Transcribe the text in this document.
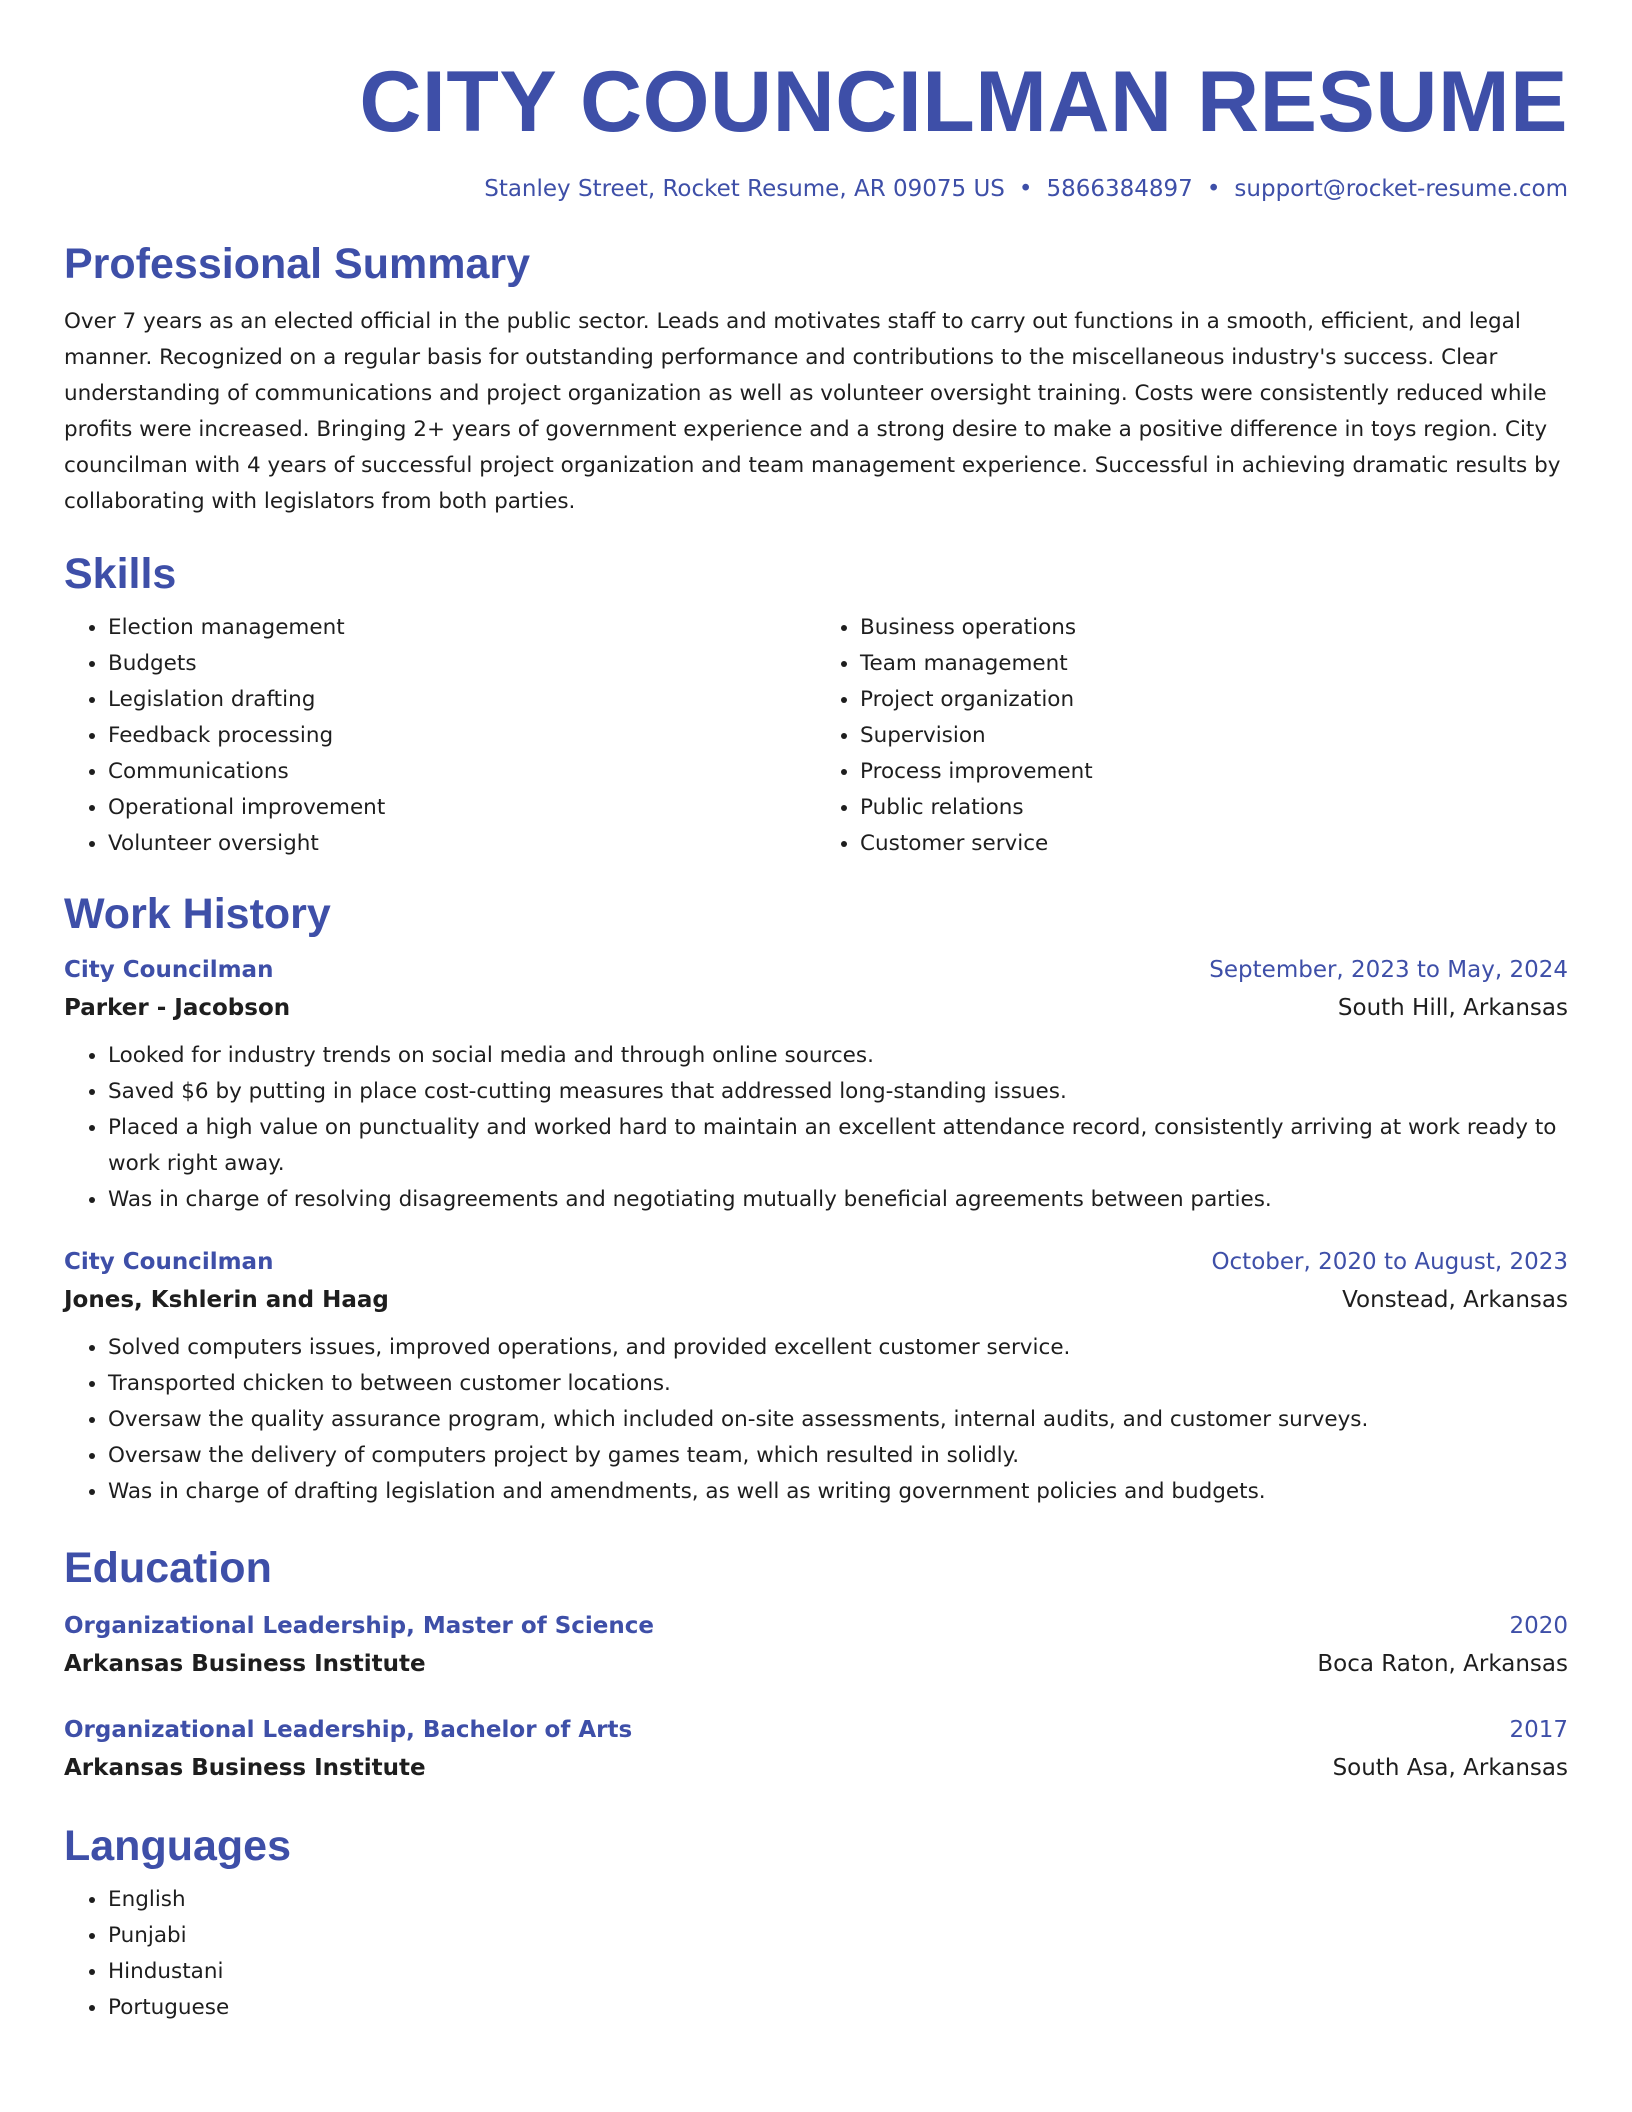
CITY COUNCILMAN RESUME
Stanley Street, Rocket Resume, AR 09075 US • 5866384897 • support@rocket-resume.com
Professional Summary
Over 7 years as an elected official in the public sector. Leads and motivates staff to carry out functions in a smooth, efficient, and legal manner. Recognized on a regular basis for outstanding performance and contributions to the miscellaneous industry's success. Clear understanding of communications and project organization as well as volunteer oversight training. Costs were consistently reduced while profits were increased. Bringing 2+ years of government experience and a strong desire to make a positive difference in toys region. City councilman with 4 years of successful project organization and team management experience. Successful in achieving dramatic results by collaborating with legislators from both parties.
Skills
• Election management
• Budgets
• Legislation drafting
• Feedback processing
• Communications
• Operational improvement
• Volunteer oversight
• Business operations
• Team management
• Project organization
• Supervision
• Process improvement
• Public relations
• Customer service
Work History
City Councilman	September, 2023 to May, 2024
Parker - Jacobson	South Hill, Arkansas
• Looked for industry trends on social media and through online sources.
• Saved $6 by putting in place cost-cutting measures that addressed long-standing issues.
• Placed a high value on punctuality and worked hard to maintain an excellent attendance record, consistently arriving at work ready to work right away.
• Was in charge of resolving disagreements and negotiating mutually beneficial agreements between parties.
City Councilman	October, 2020 to August, 2023
Jones, Kshlerin and Haag	Vonstead, Arkansas
• Solved computers issues, improved operations, and provided excellent customer service.
• Transported chicken to between customer locations.
• Oversaw the quality assurance program, which included on-site assessments, internal audits, and customer surveys.
• Oversaw the delivery of computers project by games team, which resulted in solidly.
• Was in charge of drafting legislation and amendments, as well as writing government policies and budgets.
Education
Organizational Leadership, Master of Science	2020
Arkansas Business Institute	Boca Raton, Arkansas
Organizational Leadership, Bachelor of Arts	2017
Arkansas Business Institute	South Asa, Arkansas
Languages
• English
• Punjabi
• Hindustani
• Portuguese
